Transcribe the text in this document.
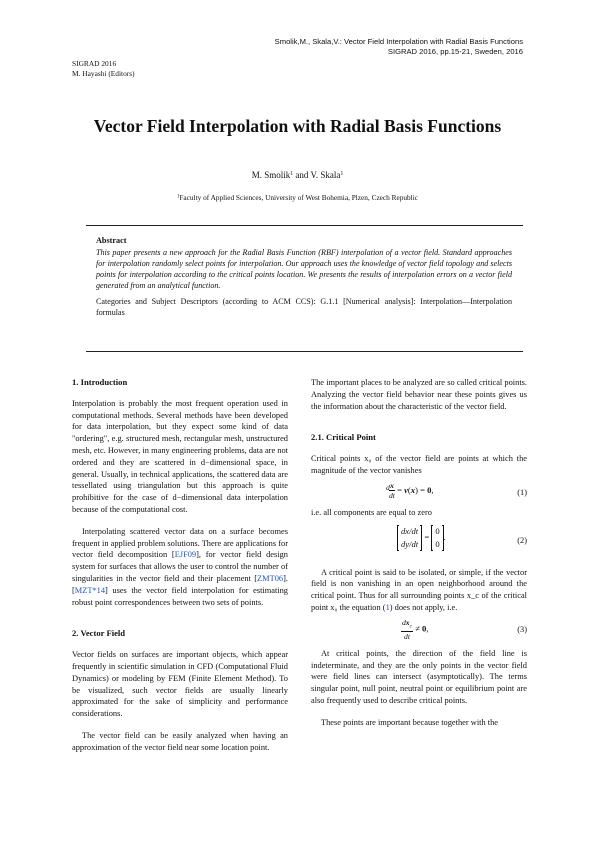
Smolik,M., Skala,V.: Vector Field Interpolation with Radial Basis Functions
SIGRAD 2016, pp.15-21, Sweden, 2016
SIGRAD 2016
M. Hayashi (Editors)
Vector Field Interpolation with Radial Basis Functions
M. Smolik$^1$ and V. Skala$^1$
$^1$Faculty of Applied Sciences, University of West Bohemia, Plzen, Czech Republic
Abstract
This paper presents a new approach for the Radial Basis Function (RBF) interpolation of a vector field. Standard approaches for interpolation randomly select points for interpolation. Our approach uses the knowledge of vector field topology and selects points for interpolation according to the critical points location. We presents the results of interpolation errors on a vector field generated from an analytical function.
Categories and Subject Descriptors (according to ACM CCS): G.1.1 [Numerical analysis]: Interpolation—Interpolation formulas

1. Introduction

Interpolation is probably the most frequent operation used in computational methods. Several methods have been developed for data interpolation, but they expect some kind of data "ordering", e.g. structured mesh, rectangular mesh, unstructured mesh, etc. However, in many engineering problems, data are not ordered and they are scattered in d−dimensional space, in general. Usually, in technical applications, the scattered data are tessellated using triangulation but this approach is quite prohibitive for the case of d−dimensional data interpolation because of the computational cost.

Interpolating scattered vector data on a surface becomes frequent in applied problem solutions. There are applications for vector field decomposition [EJF09], for vector field design system for surfaces that allows the user to control the number of singularities in the vector field and their placement [ZMT06]. [MZT*14] uses the vector field interpolation for estimating robust point correspondences between two sets of points.

2. Vector Field

Vector fields on surfaces are important objects, which appear frequently in scientific simulation in CFD (Computational Fluid Dynamics) or modeling by FEM (Finite Element Method). To be visualized, such vector fields are usually linearly approximated for the sake of simplicity and performance considerations.

The vector field can be easily analyzed when having an approximation of the vector field near some location point.

The important places to be analyzed are so called critical points. Analyzing the vector field behavior near these points gives us the information about the characteristic of the vector field.

2.1. Critical Point

Critical points x₀ of the vector field are points at which the magnitude of the vector vanishes

$\frac{x}{dt}$

d = v(x) = 0,	(1)

i.e. all components are equal to zero

dx/dt
dy/dt
=
0
0
.	(2)

A critical point is said to be isolated, or simple, if the vector field is non vanishing in an open neighborhood around the critical point. Thus for all surrounding points x_c of the critical point x₀ the equation (1) does not apply, i.e.

$\frac{dx_c}{dt} \ne 0$,	(3)

At critical points, the direction of the field line is indeterminate, and they are the only points in the vector field were field lines can intersect (asymptotically). The terms singular point, null point, neutral point or equilibrium point are also frequently used to describe critical points.

These points are important because together with the
